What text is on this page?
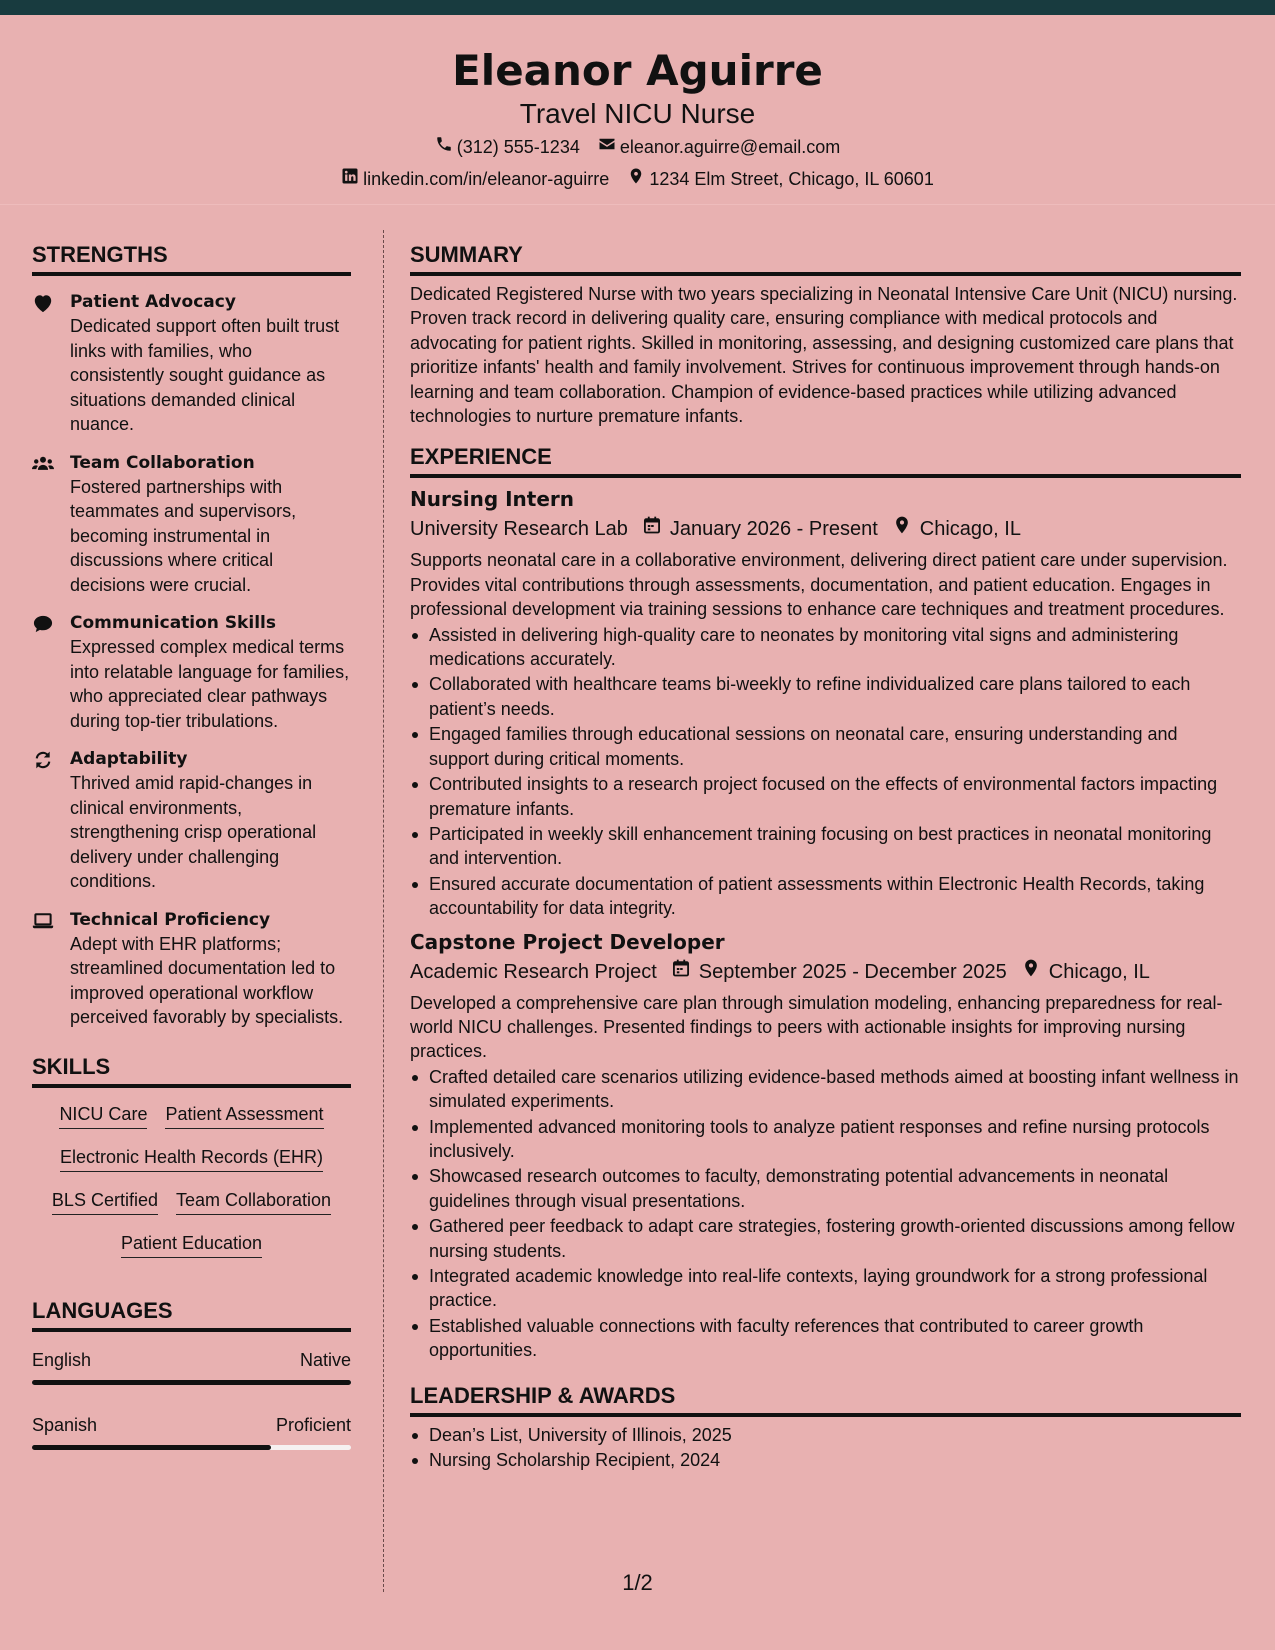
Eleanor Aguirre
Travel NICU Nurse
(312) 555-1234 eleanor.aguirre@email.com
linkedin.com/in/eleanor-aguirre 1234 Elm Street, Chicago, IL 60601
STRENGTHS
Patient Advocacy
Dedicated support often built trust links with families, who consistently sought guidance as situations demanded clinical nuance.
Team Collaboration
Fostered partnerships with teammates and supervisors, becoming instrumental in discussions where critical decisions were crucial.
Communication Skills
Expressed complex medical terms into relatable language for families, who appreciated clear pathways during top-tier tribulations.
Adaptability
Thrived amid rapid-changes in clinical environments, strengthening crisp operational delivery under challenging conditions.
Technical Proficiency
Adept with EHR platforms; streamlined documentation led to improved operational workflow perceived favorably by specialists.
SKILLS
NICU Care Patient Assessment
Electronic Health Records (EHR)
BLS Certified Team Collaboration
Patient Education
LANGUAGES
English	Native
Spanish	Proficient
SUMMARY
Dedicated Registered Nurse with two years specializing in Neonatal Intensive Care Unit (NICU) nursing. Proven track record in delivering quality care, ensuring compliance with medical protocols and advocating for patient rights. Skilled in monitoring, assessing, and designing customized care plans that prioritize infants' health and family involvement. Strives for continuous improvement through hands-on learning and team collaboration. Champion of evidence-based practices while utilizing advanced technologies to nurture premature infants.
EXPERIENCE
Nursing Intern
University Research Lab January 2026 - Present Chicago, IL
Supports neonatal care in a collaborative environment, delivering direct patient care under supervision. Provides vital contributions through assessments, documentation, and patient education. Engages in professional development via training sessions to enhance care techniques and treatment procedures.
Assisted in delivering high-quality care to neonates by monitoring vital signs and administering medications accurately.
Collaborated with healthcare teams bi-weekly to refine individualized care plans tailored to each patient’s needs.
Engaged families through educational sessions on neonatal care, ensuring understanding and support during critical moments.
Contributed insights to a research project focused on the effects of environmental factors impacting premature infants.
Participated in weekly skill enhancement training focusing on best practices in neonatal monitoring and intervention.
Ensured accurate documentation of patient assessments within Electronic Health Records, taking accountability for data integrity.
Capstone Project Developer
Academic Research Project September 2025 - December 2025 Chicago, IL
Developed a comprehensive care plan through simulation modeling, enhancing preparedness for real-world NICU challenges. Presented findings to peers with actionable insights for improving nursing practices.
Crafted detailed care scenarios utilizing evidence-based methods aimed at boosting infant wellness in simulated experiments.
Implemented advanced monitoring tools to analyze patient responses and refine nursing protocols inclusively.
Showcased research outcomes to faculty, demonstrating potential advancements in neonatal guidelines through visual presentations.
Gathered peer feedback to adapt care strategies, fostering growth-oriented discussions among fellow nursing students.
Integrated academic knowledge into real-life contexts, laying groundwork for a strong professional practice.
Established valuable connections with faculty references that contributed to career growth opportunities.
LEADERSHIP & AWARDS
Dean’s List, University of Illinois, 2025
Nursing Scholarship Recipient, 2024
1/2
